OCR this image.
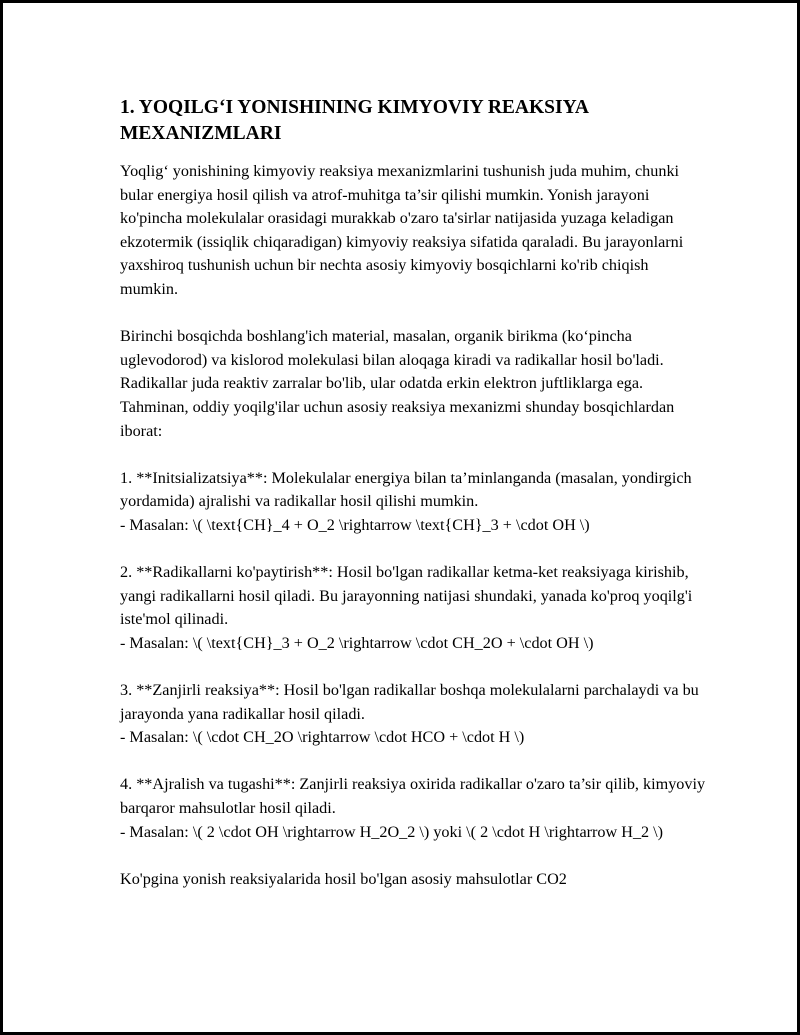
1. YOQILG‘I YONISHINING KIMYOVIY REAKSIYA MEXANIZMLARI
Yoqlig‘ yonishining kimyoviy reaksiya mexanizmlarini tushunish juda muhim, chunki bular energiya hosil qilish va atrof-muhitga ta’sir qilishi mumkin. Yonish jarayoni ko'pincha molekulalar orasidagi murakkab o'zaro ta'sirlar natijasida yuzaga keladigan ekzotermik (issiqlik chiqaradigan) kimyoviy reaksiya sifatida qaraladi. Bu jarayonlarni yaxshiroq tushunish uchun bir nechta asosiy kimyoviy bosqichlarni ko'rib chiqish mumkin.
Birinchi bosqichda boshlang'ich material, masalan, organik birikma (ko‘pincha uglevodorod) va kislorod molekulasi bilan aloqaga kiradi va radikallar hosil bo'ladi. Radikallar juda reaktiv zarralar bo'lib, ular odatda erkin elektron juftliklarga ega. Tahminan, oddiy yoqilg'ilar uchun asosiy reaksiya mexanizmi shunday bosqichlardan iborat:
1. **Initsializatsiya**: Molekulalar energiya bilan ta’minlanganda (masalan, yondirgich yordamida) ajralishi va radikallar hosil qilishi mumkin.
- Masalan: \( \text{CH}_4 + O_2 \rightarrow \text{CH}_3 + \cdot OH \)
2. **Radikallarni ko'paytirish**: Hosil bo'lgan radikallar ketma-ket reaksiyaga kirishib, yangi radikallarni hosil qiladi. Bu jarayonning natijasi shundaki, yanada ko'proq yoqilg'i iste'mol qilinadi.
- Masalan: \( \text{CH}_3 + O_2 \rightarrow \cdot CH_2O + \cdot OH \)
3. **Zanjirli reaksiya**: Hosil bo'lgan radikallar boshqa molekulalarni parchalaydi va bu jarayonda yana radikallar hosil qiladi.
- Masalan: \( \cdot CH_2O \rightarrow \cdot HCO + \cdot H \)
4. **Ajralish va tugashi**: Zanjirli reaksiya oxirida radikallar o'zaro ta’sir qilib, kimyoviy barqaror mahsulotlar hosil qiladi.
- Masalan: \( 2 \cdot OH \rightarrow H_2O_2 \) yoki \( 2 \cdot H \rightarrow H_2 \)
Ko'pgina yonish reaksiyalarida hosil bo'lgan asosiy mahsulotlar CO2
